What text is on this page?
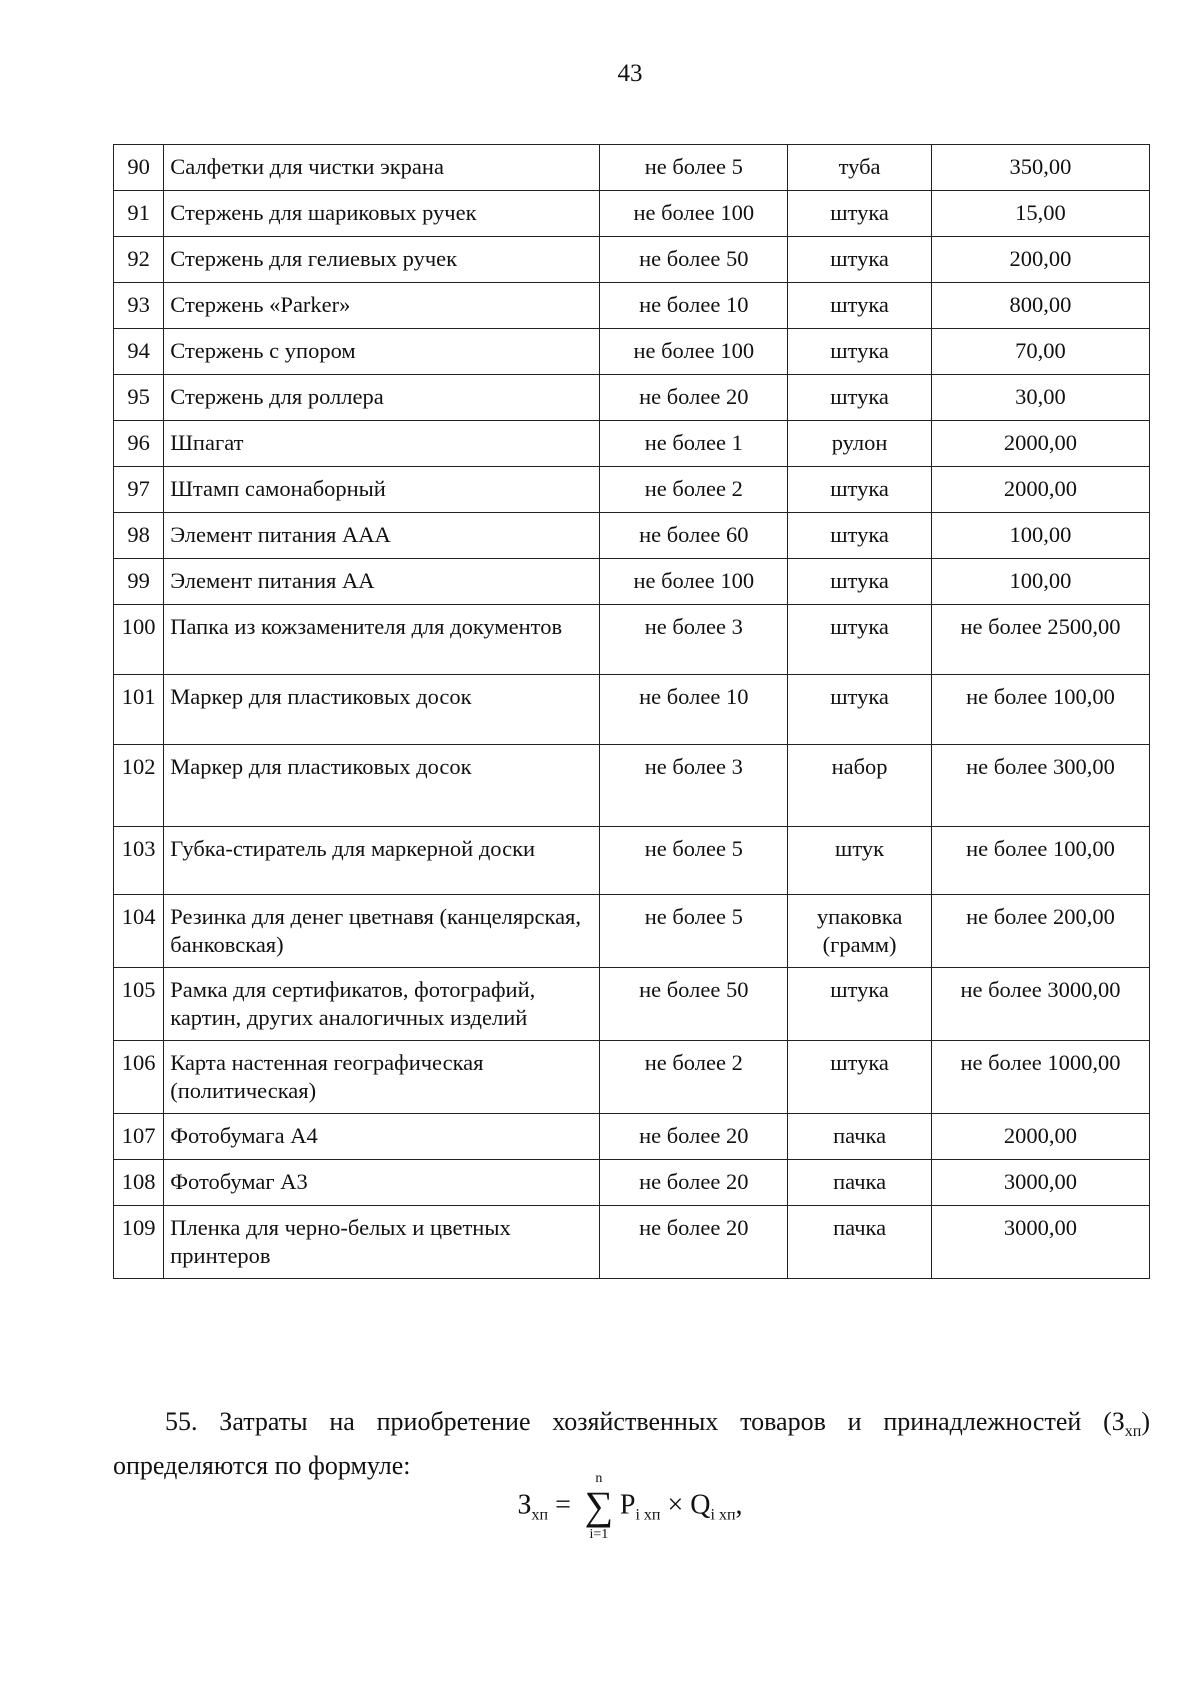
43
90	Салфетки для чистки экрана	не более 5	туба	350,00
91	Стержень для шариковых ручек	не более 100	штука	15,00
92	Стержень для гелиевых ручек	не более 50	штука	200,00
93	Стержень «Parker»	не более 10	штука	800,00
94	Стержень с упором	не более 100	штука	70,00
95	Стержень для роллера	не более 20	штука	30,00
96	Шпагат	не более 1	рулон	2000,00
97	Штамп самонаборный	не более 2	штука	2000,00
98	Элемент питания ААА	не более 60	штука	100,00
99	Элемент питания АА	не более 100	штука	100,00
100	Папка из кожзаменителя для документов	не более 3	штука	не более 2500,00
101	Маркер для пластиковых досок	не более 10	штука	не более 100,00
102	Маркер для пластиковых досок	не более 3	набор	не более 300,00
103	Губка-стиратель для маркерной доски	не более 5	штук	не более 100,00
104	Резинка для денег цветнавя (канцелярская, банковская)	не более 5	упаковка (грамм)	не более 200,00
105	Рамка для сертификатов, фотографий, картин, других аналогичных изделий	не более 50	штука	не более 3000,00
106	Карта настенная географическая (политическая)	не более 2	штука	не более 1000,00
107	Фотобумага А4	не более 20	пачка	2000,00
108	Фотобумаг А3	не более 20	пачка	3000,00
109	Пленка для черно-белых и цветных принтеров	не более 20	пачка	3000,00
55. Затраты на приобретение хозяйственных товаров и принадлежностей $(З_{хп})$ определяются по формуле:
$З_{хп}$ =
n
∑
i=1
$P_{i хп} \times Q_{i хп}$,
